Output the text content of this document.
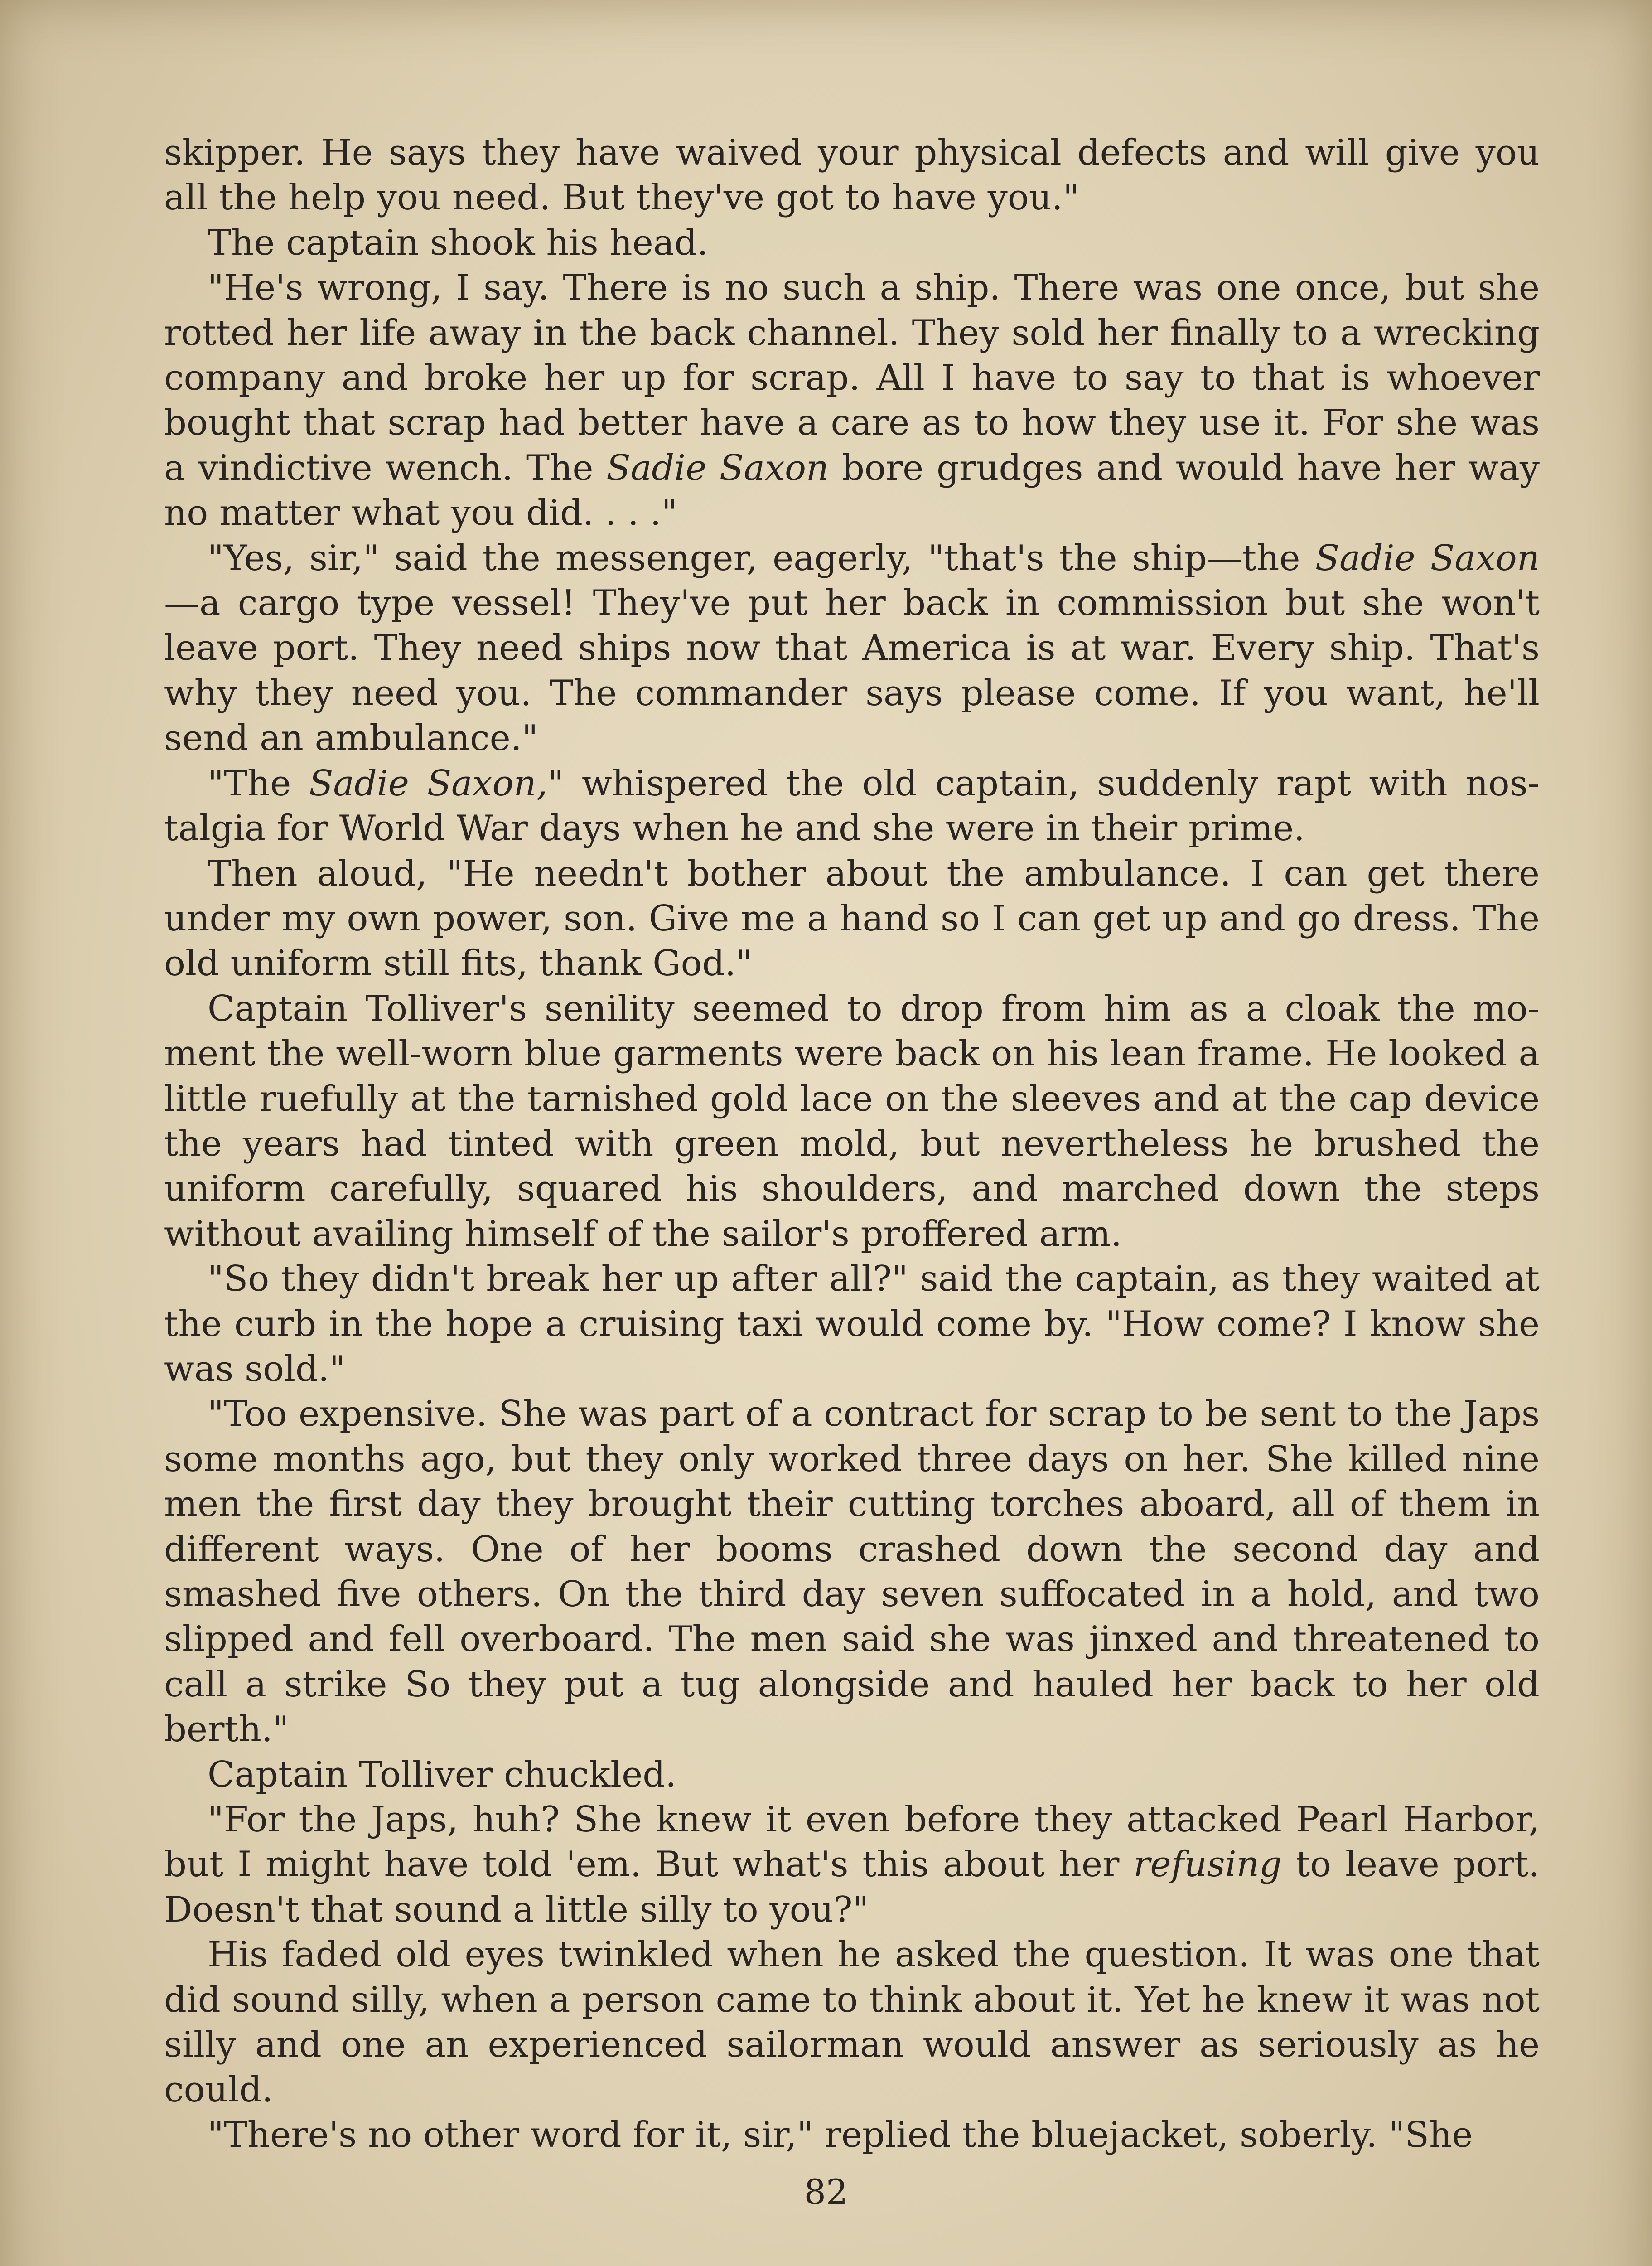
skipper. He says they have waived your physical defects and will give you all the help you need. But they've got to have you."

The captain shook his head.

"He's wrong, I say. There is no such a ship. There was one once, but she rotted her life away in the back channel. They sold her finally to a wrecking company and broke her up for scrap. All I have to say to that is whoever bought that scrap had better have a care as to how they use it. For she was a vindictive wench. The Sadie Saxon bore grudges and would have her way no matter what you did. . . ."

"Yes, sir," said the messenger, eagerly, "that's the ship—the Sadie Saxon —a cargo type vessel! They've put her back in commission but she won't leave port. They need ships now that America is at war. Every ship. That's why they need you. The commander says please come. If you want, he'll send an ambulance."

"The Sadie Saxon," whispered the old captain, suddenly rapt with nos-talgia for World War days when he and she were in their prime.

Then aloud, "He needn't bother about the ambulance. I can get there under my own power, son. Give me a hand so I can get up and go dress. The old uniform still fits, thank God."

Captain Tolliver's senility seemed to drop from him as a cloak the mo-ment the well-worn blue garments were back on his lean frame. He looked a little ruefully at the tarnished gold lace on the sleeves and at the cap device the years had tinted with green mold, but nevertheless he brushed the uniform carefully, squared his shoulders, and marched down the steps without availing himself of the sailor's proffered arm.

"So they didn't break her up after all?" said the captain, as they waited at the curb in the hope a cruising taxi would come by. "How come? I know she was sold."

"Too expensive. She was part of a contract for scrap to be sent to the Japs some months ago, but they only worked three days on her. She killed nine men the first day they brought their cutting torches aboard, all of them in different ways. One of her booms crashed down the second day and smashed five others. On the third day seven suffocated in a hold, and two slipped and fell overboard. The men said she was jinxed and threatened to call a strike So they put a tug alongside and hauled her back to her old berth."

Captain Tolliver chuckled.

"For the Japs, huh? She knew it even before they attacked Pearl Harbor, but I might have told 'em. But what's this about her refusing to leave port. Doesn't that sound a little silly to you?"

His faded old eyes twinkled when he asked the question. It was one that did sound silly, when a person came to think about it. Yet he knew it was not silly and one an experienced sailorman would answer as seriously as he could.

"There's no other word for it, sir," replied the bluejacket, soberly. "She

82
